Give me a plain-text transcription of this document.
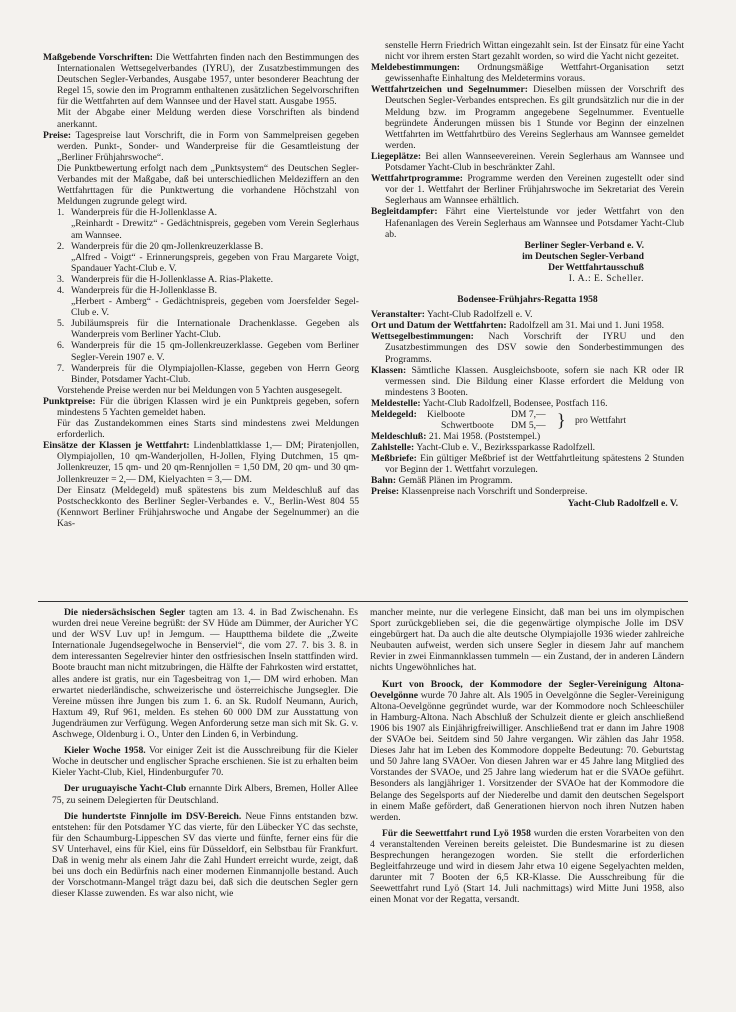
Maßgebende Vorschriften: Die Wettfahrten finden nach den Bestimmungen des Internationalen Wettsegelverbandes (IYRU), der Zusatzbestimmungen des Deutschen Segler-Verbandes, Ausgabe 1957, unter besonderer Beachtung der Regel 15, sowie den im Programm enthaltenen zusätzlichen Segelvorschriften für die Wettfahrten auf dem Wannsee und der Havel statt. Ausgabe 1955.

Mit der Abgabe einer Meldung werden diese Vorschriften als bindend anerkannt.

Preise: Tagespreise laut Vorschrift, die in Form von Sammelpreisen gegeben werden. Punkt-, Sonder- und Wanderpreise für die Gesamtleistung der „Berliner Frühjahrswoche“.

Die Punktbewertung erfolgt nach dem „Punktsystem“ des Deutschen Segler-Verbandes mit der Maßgabe, daß bei unterschiedlichen Meldeziffern an den Wettfahrttagen für die Punktwertung die vorhandene Höchstzahl von Meldungen zugrunde gelegt wird.

1. Wanderpreis für die H-Jollenklasse A.
„Reinhardt - Drewitz“ - Gedächtnispreis, gegeben vom Verein Seglerhaus am Wannsee.
2. Wanderpreis für die 20 qm-Jollenkreuzerklasse B.
„Alfred - Voigt“ - Erinnerungspreis, gegeben von Frau Margarete Voigt, Spandauer Yacht-Club e. V.
3. Wanderpreis für die H-Jollenklasse A. Rias-Plakette.
4. Wanderpreis für die H-Jollenklasse B.
„Herbert - Amberg“ - Gedächtnispreis, gegeben vom Joersfelder Segel-Club e. V.
5. Jubiläumspreis für die Internationale Drachenklasse. Gegeben als Wanderpreis vom Berliner Yacht-Club.
6. Wanderpreis für die 15 qm-Jollenkreuzerklasse. Gegeben vom Berliner Segler-Verein 1907 e. V.
7. Wanderpreis für die Olympiajollen-Klasse, gegeben von Herrn Georg Binder, Potsdamer Yacht-Club.

Vorstehende Preise werden nur bei Meldungen von 5 Yachten ausgesegelt.

Punktpreise: Für die übrigen Klassen wird je ein Punktpreis gegeben, sofern mindestens 5 Yachten gemeldet haben.

Für das Zustandekommen eines Starts sind mindestens zwei Meldungen erforderlich.

Einsätze der Klassen je Wettfahrt: Lindenblattklasse 1,— DM; Piratenjollen, Olympiajollen, 10 qm-Wanderjollen, H-Jollen, Flying Dutchmen, 15 qm-Jollenkreuzer, 15 qm- und 20 qm-Rennjollen = 1,50 DM, 20 qm- und 30 qm-Jollenkreuzer = 2,— DM, Kielyachten = 3,— DM.

Der Einsatz (Meldegeld) muß spätestens bis zum Meldeschluß auf das Postscheckkonto des Berliner Segler-Verbandes e. V., Berlin-West 804 55 (Kennwort Berliner Frühjahrswoche und Angabe der Segelnummer) an die Kas-

senstelle Herrn Friedrich Wittan eingezahlt sein. Ist der Einsatz für eine Yacht nicht vor ihrem ersten Start gezahlt worden, so wird die Yacht nicht gezeitet.

Meldebestimmungen: Ordnungsmäßige Wettfahrt-Organisation setzt gewissenhafte Einhaltung des Meldetermins voraus.

Wettfahrtzeichen und Segelnummer: Dieselben müssen der Vorschrift des Deutschen Segler-Verbandes entsprechen. Es gilt grundsätzlich nur die in der Meldung bzw. im Programm angegebene Segelnummer. Eventuelle begründete Änderungen müssen bis 1 Stunde vor Beginn der einzelnen Wettfahrten im Wettfahrtbüro des Vereins Seglerhaus am Wannsee gemeldet werden.

Liegeplätze: Bei allen Wannseevereinen. Verein Seglerhaus am Wannsee und Potsdamer Yacht-Club in beschränkter Zahl.

Wettfahrtprogramme: Programme werden den Vereinen zugestellt oder sind vor der 1. Wettfahrt der Berliner Frühjahrswoche im Sekretariat des Verein Seglerhaus am Wannsee erhältlich.

Begleitdampfer: Fährt eine Viertelstunde vor jeder Wettfahrt von den Hafenanlagen des Verein Seglerhaus am Wannsee und Potsdamer Yacht-Club ab.

Berliner Segler-Verband e. V.

im Deutschen Segler-Verband

Der Wettfahrtausschuß

I. A.: E. Scheller.

Bodensee-Frühjahrs-Regatta 1958

Veranstalter: Yacht-Club Radolfzell e. V.

Ort und Datum der Wettfahrten: Radolfzell am 31. Mai und 1. Juni 1958.

Wettsegelbestimmungen: Nach Vorschrift der IYRU und den Zusatzbestimmungen des DSV sowie den Sonderbestimmungen des Programms.

Klassen: Sämtliche Klassen. Ausgleichsboote, sofern sie nach KR oder IR vermessen sind. Die Bildung einer Klasse erfordert die Meldung von mindestens 3 Booten.

Meldestelle: Yacht-Club Radolfzell, Bodensee, Postfach 116.

Meldegeld: Kielboote	DM 7,—
Schwertboote DM 5,— } pro Wettfahrt

Meldeschluß: 21. Mai 1958. (Poststempel.)

Zahlstelle: Yacht-Club e. V., Bezirkssparkasse Radolfzell.

Meßbriefe: Ein gültiger Meßbrief ist der Wettfahrtleitung spätestens 2 Stunden vor Beginn der 1. Wettfahrt vorzulegen.

Bahn: Gemäß Plänen im Programm.

Preise: Klassenpreise nach Vorschrift und Sonderpreise.

Yacht-Club Radolfzell e. V.

Die niedersächsischen Segler tagten am 13. 4. in Bad Zwischenahn. Es wurden drei neue Vereine begrüßt: der SV Hüde am Dümmer, der Auricher YC und der WSV Luv up! in Jemgum. — Hauptthema bildete die „Zweite Internationale Jugendsegelwoche in Benserviel“, die vom 27. 7. bis 3. 8. in dem interessanten Segelrevier hinter den ostfriesischen Inseln stattfinden wird. Boote braucht man nicht mitzubringen, die Hälfte der Fahrkosten wird erstattet, alles andere ist gratis, nur ein Tagesbeitrag von 1,— DM wird erhoben. Man erwartet niederländische, schweizerische und österreichische Jungsegler. Die Vereine müssen ihre Jungen bis zum 1. 6. an Sk. Rudolf Neumann, Aurich, Haxtum 49, Ruf 961, melden. Es stehen 60 000 DM zur Ausstattung von Jugendräumen zur Verfügung. Wegen Anforderung setze man sich mit Sk. G. v. Aschwege, Oldenburg i. O., Unter den Linden 6, in Verbindung.

Kieler Woche 1958. Vor einiger Zeit ist die Ausschreibung für die Kieler Woche in deutscher und englischer Sprache erschienen. Sie ist zu erhalten beim Kieler Yacht-Club, Kiel, Hindenburgufer 70.

Der uruguayische Yacht-Club ernannte Dirk Albers, Bremen, Holler Allee 75, zu seinem Delegierten für Deutschland.

Die hundertste Finnjolle im DSV-Bereich. Neue Finns entstanden bzw. entstehen: für den Potsdamer YC das vierte, für den Lübecker YC das sechste, für den Schaumburg-Lippeschen SV das vierte und fünfte, ferner eins für die SV Unterhavel, eins für Kiel, eins für Düsseldorf, ein Selbstbau für Frankfurt. Daß in wenig mehr als einem Jahr die Zahl Hundert erreicht wurde, zeigt, daß bei uns doch ein Bedürfnis nach einer modernen Einmannjolle bestand. Auch der Vorschotmann-Mangel trägt dazu bei, daß sich die deutschen Segler gern dieser Klasse zuwenden. Es war also nicht, wie

mancher meinte, nur die verlegene Einsicht, daß man bei uns im olympischen Sport zurückgeblieben sei, die die gegenwärtige olympische Jolle im DSV eingebürgert hat. Da auch die alte deutsche Olympiajolle 1936 wieder zahlreiche Neubauten aufweist, werden sich unsere Segler in diesem Jahr auf manchem Revier in zwei Einmannklassen tummeln — ein Zustand, der in anderen Ländern nichts Ungewöhnliches hat.

Kurt von Broock, der Kommodore der Segler-Vereinigung Altona-Oevelgönne wurde 70 Jahre alt. Als 1905 in Oevelgönne die Segler-Vereinigung Altona-Oevelgönne gegründet wurde, war der Kommodore noch Schleeschüler in Hamburg-Altona. Nach Abschluß der Schulzeit diente er gleich anschließend 1906 bis 1907 als Einjährigfreiwilliger. Anschließend trat er dann im Jahre 1908 der SVAOe bei. Seitdem sind 50 Jahre vergangen. Wir zählen das Jahr 1958. Dieses Jahr hat im Leben des Kommodore doppelte Bedeutung: 70. Geburtstag und 50 Jahre lang SVAOer. Von diesen Jahren war er 45 Jahre lang Mitglied des Vorstandes der SVAOe, und 25 Jahre lang wiederum hat er die SVAOe geführt. Besonders als langjähriger 1. Vorsitzender der SVAOe hat der Kommodore die Belange des Segelsports auf der Niederelbe und damit den deutschen Segelsport in einem Maße gefördert, daß Generationen hiervon noch ihren Nutzen haben werden.

Für die Seewettfahrt rund Lyö 1958 wurden die ersten Vorarbeiten von den 4 veranstaltenden Vereinen bereits geleistet. Die Bundesmarine ist zu diesen Besprechungen herangezogen worden. Sie stellt die erforderlichen Begleitfahrzeuge und wird in diesem Jahr etwa 10 eigene Segelyachten melden, darunter mit 7 Booten der 6,5 KR-Klasse. Die Ausschreibung für die Seewettfahrt rund Lyö (Start 14. Juli nachmittags) wird Mitte Juni 1958, also einen Monat vor der Regatta, versandt.
